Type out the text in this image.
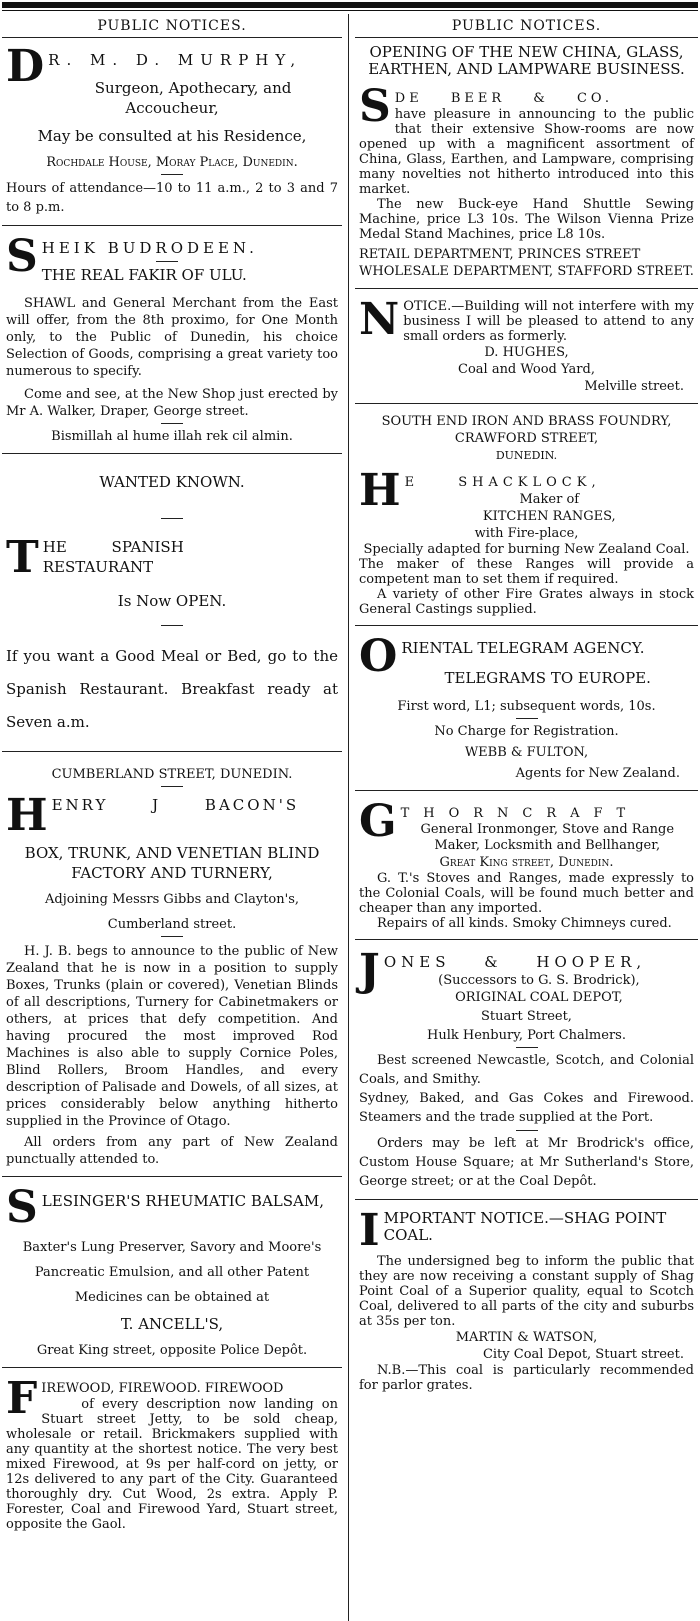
PUBLIC NOTICES.
D R. M. D. MURPHY,

Surgeon, Apothecary, and Accoucheur,

May be consulted at his Residence,

Rochdale House, Moray Place, Dunedin.

Hours of attendance—10 to 11 a.m., 2 to 3 and 7 to 8 p.m.

S HEIK BUDRODEEN.

THE REAL FAKIR OF ULU.

SHAWL and General Merchant from the East will offer, from the 8th proximo, for One Month only, to the Public of Dunedin, his choice Selection of Goods, comprising a great variety too numerous to specify.

Come and see, at the New Shop just erected by Mr A. Walker, Draper, George street.

Bismillah al hume illah rek cil almin.

WANTED KNOWN.

T HE SPANISH RESTAURANT

Is Now OPEN.

If you want a Good Meal or Bed, go to the Spanish Restaurant. Breakfast ready at Seven a.m.

CUMBERLAND STREET, DUNEDIN.

H ENRY J BACON'S

BOX, TRUNK, AND VENETIAN BLIND FACTORY AND TURNERY,

Adjoining Messrs Gibbs and Clayton's,

Cumberland street.

H. J. B. begs to announce to the public of New Zealand that he is now in a position to supply Boxes, Trunks (plain or covered), Venetian Blinds of all descriptions, Turnery for Cabinetmakers or others, at prices that defy competition. And having procured the most improved Rod Machines is also able to supply Cornice Poles, Blind Rollers, Broom Handles, and every description of Palisade and Dowels, of all sizes, at prices considerably below anything hitherto supplied in the Province of Otago.

All orders from any part of New Zealand punctually attended to.

S LESINGER'S RHEUMATIC BALSAM,

Baxter's Lung Preserver, Savory and Moore's

Pancreatic Emulsion, and all other Patent

Medicines can be obtained at

T. ANCELL'S,

Great King street, opposite Police Depôt.

F IREWOOD, FIREWOOD. FIREWOOD

of every description now landing on Stuart street Jetty, to be sold cheap, wholesale or retail. Brickmakers supplied with any quantity at the shortest notice. The very best mixed Firewood, at 9s per half-cord on jetty, or 12s delivered to any part of the City. Guaranteed thoroughly dry. Cut Wood, 2s extra. Apply P. Forester, Coal and Firewood Yard, Stuart street, opposite the Gaol.

PUBLIC NOTICES.

OPENING OF THE NEW CHINA, GLASS, EARTHEN, AND LAMPWARE BUSINESS.

S DE BEER & CO.

have pleasure in announcing to the public that their extensive Show-rooms are now opened up with a magnificent assortment of China, Glass, Earthen, and Lampware, comprising many novelties not hitherto introduced into this market.

The new Buck-eye Hand Shuttle Sewing Machine, price L3 10s. The Wilson Vienna Prize Medal Stand Machines, price L8 10s.

RETAIL DEPARTMENT, PRINCES STREET

WHOLESALE DEPARTMENT, STAFFORD STREET.

N OTICE.—Building will not interfere with my business I will be pleased to attend to any small orders as formerly.

D. HUGHES,

Coal and Wood Yard,

Melville street.

SOUTH END IRON AND BRASS FOUNDRY,

CRAWFORD STREET,

DUNEDIN.

H E SHACKLOCK,

Maker of

KITCHEN RANGES,

with Fire-place,

Specially adapted for burning New Zealand Coal.

The maker of these Ranges will provide a competent man to set them if required.

A variety of other Fire Grates always in stock General Castings supplied.

O RIENTAL TELEGRAM AGENCY.

TELEGRAMS TO EUROPE.

First word, L1; subsequent words, 10s.

No Charge for Registration.

WEBB & FULTON,

Agents for New Zealand.

G THORNCRAFT

General Ironmonger, Stove and Range Maker, Locksmith and Bellhanger,

Great King street, Dunedin.

G. T.'s Stoves and Ranges, made expressly to the Colonial Coals, will be found much better and cheaper than any imported.

Repairs of all kinds. Smoky Chimneys cured.

J ONES & HOOPER,

(Successors to G. S. Brodrick),

ORIGINAL COAL DEPOT,

Stuart Street,

Hulk Henbury, Port Chalmers.

Best screened Newcastle, Scotch, and Colonial Coals, and Smithy.

Sydney, Baked, and Gas Cokes and Firewood. Steamers and the trade supplied at the Port.

Orders may be left at Mr Brodrick's office, Custom House Square; at Mr Sutherland's Store, George street; or at the Coal Depôt.

I MPORTANT NOTICE.—SHAG POINT COAL.

The undersigned beg to inform the public that they are now receiving a constant supply of Shag Point Coal of a Superior quality, equal to Scotch Coal, delivered to all parts of the city and suburbs at 35s per ton.

MARTIN & WATSON,

City Coal Depot, Stuart street.

N.B.—This coal is particularly recommended for parlor grates.
